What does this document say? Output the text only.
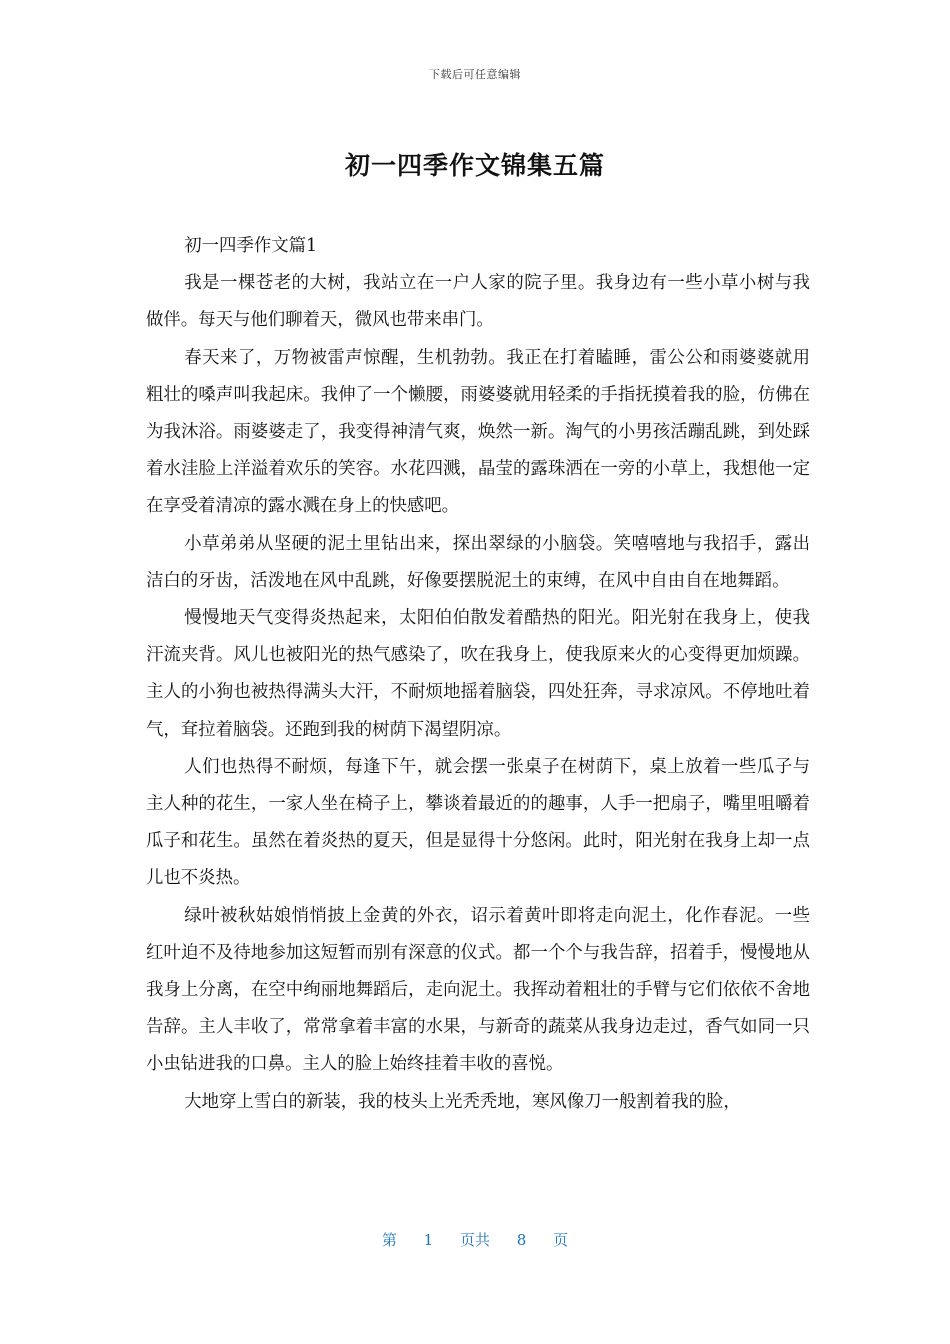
下载后可任意编辑
初一四季作文锦集五篇

初一四季作文篇1

我是一棵苍老的大树，我站立在一户人家的院子里。我身边有一些小草小树与我做伴。每天与他们聊着天，微风也带来串门。

春天来了，万物被雷声惊醒，生机勃勃。我正在打着瞌睡，雷公公和雨婆婆就用粗壮的嗓声叫我起床。我伸了一个懒腰，雨婆婆就用轻柔的手指抚摸着我的脸，仿佛在为我沐浴。雨婆婆走了，我变得神清气爽，焕然一新。淘气的小男孩活蹦乱跳，到处踩着水洼脸上洋溢着欢乐的笑容。水花四溅，晶莹的露珠洒在一旁的小草上，我想他一定在享受着清凉的露水溅在身上的快感吧。

小草弟弟从坚硬的泥土里钻出来，探出翠绿的小脑袋。笑嘻嘻地与我招手，露出洁白的牙齿，活泼地在风中乱跳，好像要摆脱泥土的束缚，在风中自由自在地舞蹈。

慢慢地天气变得炎热起来，太阳伯伯散发着酷热的阳光。阳光射在我身上，使我汗流夹背。风儿也被阳光的热气感染了，吹在我身上，使我原来火的心变得更加烦躁。主人的小狗也被热得满头大汗，不耐烦地摇着脑袋，四处狂奔，寻求凉风。不停地吐着气，耷拉着脑袋。还跑到我的树荫下渴望阴凉。

人们也热得不耐烦，每逢下午，就会摆一张桌子在树荫下，桌上放着一些瓜子与主人种的花生，一家人坐在椅子上，攀谈着最近的的趣事，人手一把扇子，嘴里咀嚼着瓜子和花生。虽然在着炎热的夏天，但是显得十分悠闲。此时，阳光射在我身上却一点儿也不炎热。

绿叶被秋姑娘悄悄披上金黄的外衣，诏示着黄叶即将走向泥土，化作春泥。一些红叶迫不及待地参加这短暂而别有深意的仪式。都一个个与我告辞，招着手，慢慢地从我身上分离，在空中绚丽地舞蹈后，走向泥土。我挥动着粗壮的手臂与它们依依不舍地告辞。主人丰收了，常常拿着丰富的水果，与新奇的蔬菜从我身边走过，香气如同一只小虫钻进我的口鼻。主人的脸上始终挂着丰收的喜悦。

大地穿上雪白的新装，我的枝头上光秃秃地，寒风像刀一般割着我的脸，

第 1 页共 8 页
